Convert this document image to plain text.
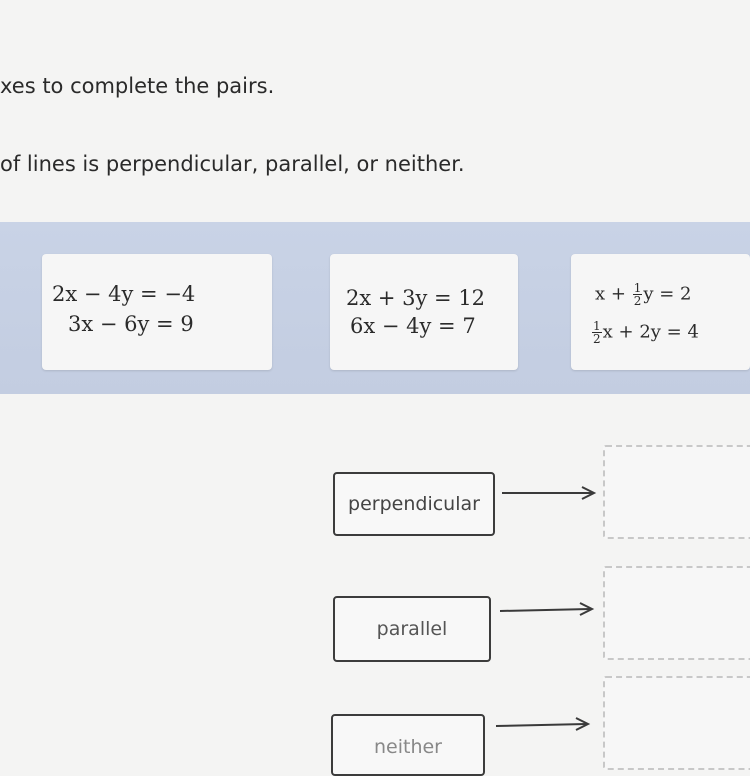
xes to complete the pairs.
of lines is perpendicular, parallel, or neither.
2x − 4y = −4
3x − 6y = 9
2x + 3y = 12
6x − 4y = 7
$x + \frac{1}{2}$ y = 2
$\frac{1}{2}$ x + 2y = 4
perpendicular
parallel
neither
